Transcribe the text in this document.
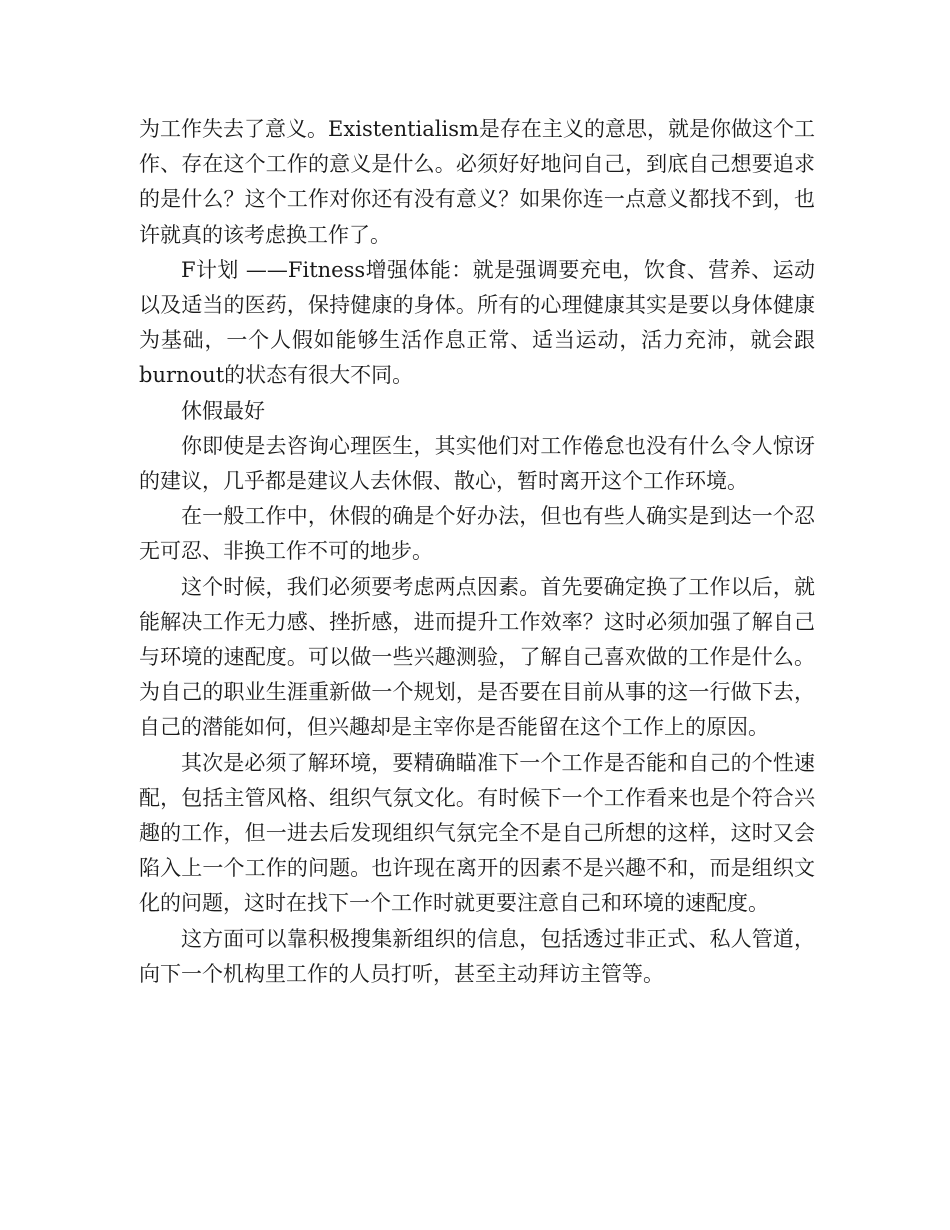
为工作失去了意义。Existentialism是存在主义的意思，就是你做这个工作、存在这个工作的意义是什么。必须好好地问自己，到底自己想要追求的是什么？这个工作对你还有没有意义？如果你连一点意义都找不到，也许就真的该考虑换工作了。

F计划 ——Fitness增强体能：就是强调要充电，饮食、营养、运动以及适当的医药，保持健康的身体。所有的心理健康其实是要以身体健康为基础，一个人假如能够生活作息正常、适当运动，活力充沛，就会跟burnout的状态有很大不同。

休假最好

你即使是去咨询心理医生，其实他们对工作倦怠也没有什么令人惊讶的建议，几乎都是建议人去休假、散心，暂时离开这个工作环境。

在一般工作中，休假的确是个好办法，但也有些人确实是到达一个忍无可忍、非换工作不可的地步。

这个时候，我们必须要考虑两点因素。首先要确定换了工作以后，就能解决工作无力感、挫折感，进而提升工作效率？这时必须加强了解自己与环境的速配度。可以做一些兴趣测验，了解自己喜欢做的工作是什么。为自己的职业生涯重新做一个规划，是否要在目前从事的这一行做下去，自己的潜能如何，但兴趣却是主宰你是否能留在这个工作上的原因。

其次是必须了解环境，要精确瞄准下一个工作是否能和自己的个性速配，包括主管风格、组织气氛文化。有时候下一个工作看来也是个符合兴趣的工作，但一进去后发现组织气氛完全不是自己所想的这样，这时又会陷入上一个工作的问题。也许现在离开的因素不是兴趣不和，而是组织文化的问题，这时在找下一个工作时就更要注意自己和环境的速配度。

这方面可以靠积极搜集新组织的信息，包括透过非正式、私人管道，向下一个机构里工作的人员打听，甚至主动拜访主管等。
